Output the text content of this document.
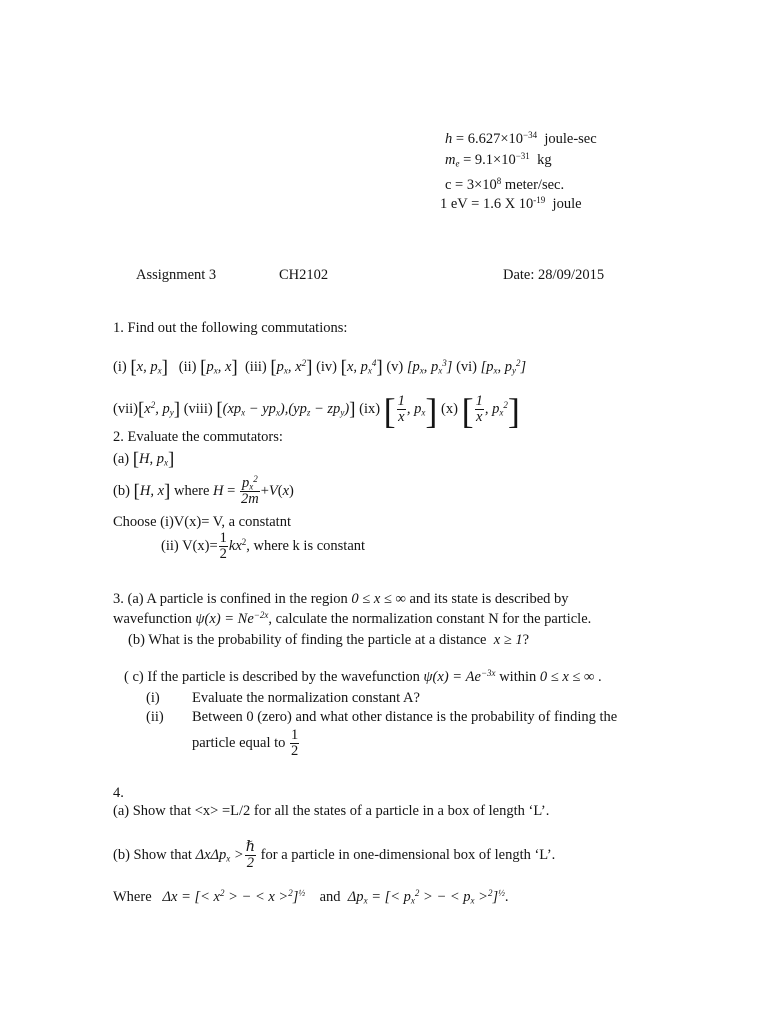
$h = 6.627\times 10^{-34}$ joule-sec
$m_e = 9.1\times 10^{-31}$ kg
$c = 3\times 10^8$ meter/sec.
1 eV = 1.6 X $10^{-19}$ joule
Assignment 3	CH2102	Date: 28/09/2015
1. Find out the following commutations:
(i) [x, $p_x$] (ii) [$p_x$, x] (iii) [$p_x$, $x^2$] (iv) [x, $p_x^4$] (v) [$p_x$, $p_x^3$] (vi) [$p_x$, $p_y^2$]
$(vii)[x^2$, $p_y$] (viii) $[(xp_x - yp_x),(yp_z - zp_y)]$ (ix) [ $\frac{1}{x}$ , $p_x$] (x) [ $\frac{1}{x}$ , $p_x^2$]
2. Evaluate the commutators:
(a) [H, $p_x$]
(b) [H, x] where $H = \frac{p_x^2}{2m} +V(x)$
Choose (i)V(x)= V, a constatnt
(ii) $V(x)= \frac{1}{2} kx^2$, where k is constant
3. (a) A particle is confined in the region 0 ≤ x ≤ ∞ and its state is described by
wavefunction $\psi(x) = Ne^{-2x}$, calculate the normalization constant N for the particle.
(b) What is the probability of finding the particle at a distance  x ≥ 1?
( c) If the particle is described by the wavefunction $\psi(x) = Ae^{-3x}$ within 0 ≤ x ≤ ∞ .
(i) Evaluate the normalization constant A?
(ii) Between 0 (zero) and what other distance is the probability of finding the
particle equal to $\frac{1}{2}$
4.
(a) Show that <x> =L/2 for all the states of a particle in a box of length ‘L’.
(b) Show that $\Delta x\Delta p_x > \frac{\text{ℏ}}{2}$ for a particle in one-dimensional box of length ‘L’.
Where Δx = [< $x^2$ > − < x >$^2$]$^{\frac{1}{2}}$ and $\Delta p_x$ = [< $p_x^2$ > − < $p_x >^2]^{\frac{1}{2}}$.
